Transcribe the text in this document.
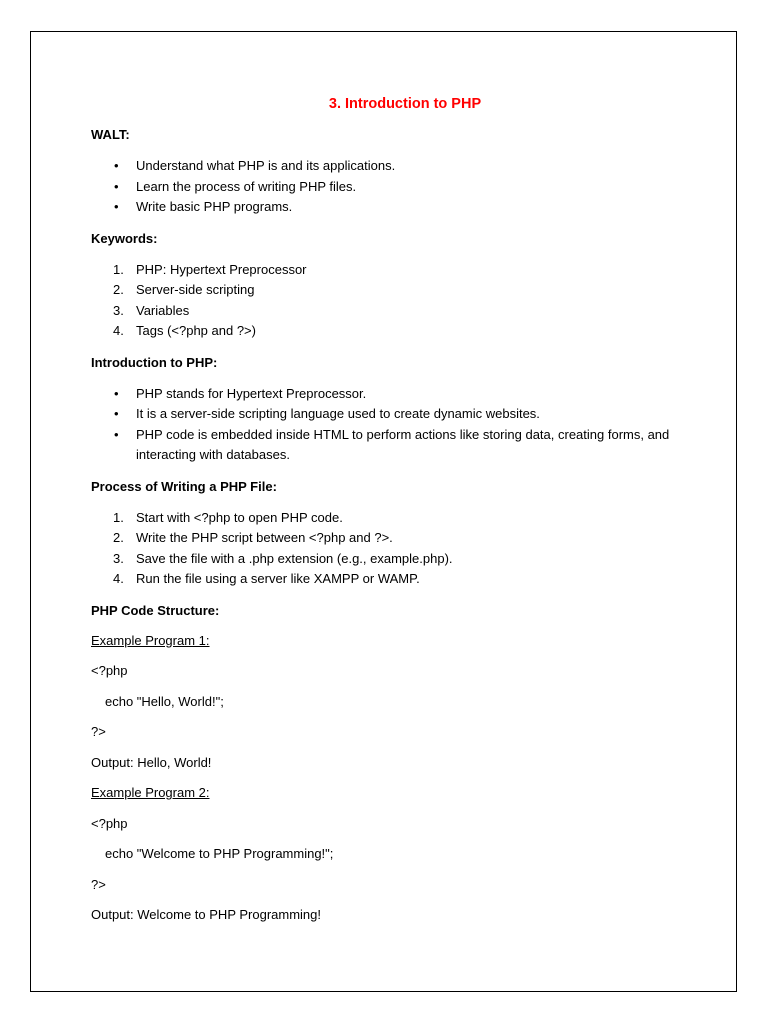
3. Introduction to PHP
WALT:
• Understand what PHP is and its applications.
• Learn the process of writing PHP files.
• Write basic PHP programs.
Keywords:
1. PHP: Hypertext Preprocessor
2. Server-side scripting
3. Variables
4. Tags (<?php and ?>)
Introduction to PHP:
• PHP stands for Hypertext Preprocessor.
• It is a server-side scripting language used to create dynamic websites.
• PHP code is embedded inside HTML to perform actions like storing data, creating forms, and interacting with databases.
Process of Writing a PHP File:
1. Start with <?php to open PHP code.
2. Write the PHP script between <?php and ?>.
3. Save the file with a .php extension (e.g., example.php).
4. Run the file using a server like XAMPP or WAMP.
PHP Code Structure:
Example Program 1:
<?php
echo "Hello, World!";
?>
Output: Hello, World!
Example Program 2:
<?php
echo "Welcome to PHP Programming!";
?>
Output: Welcome to PHP Programming!
